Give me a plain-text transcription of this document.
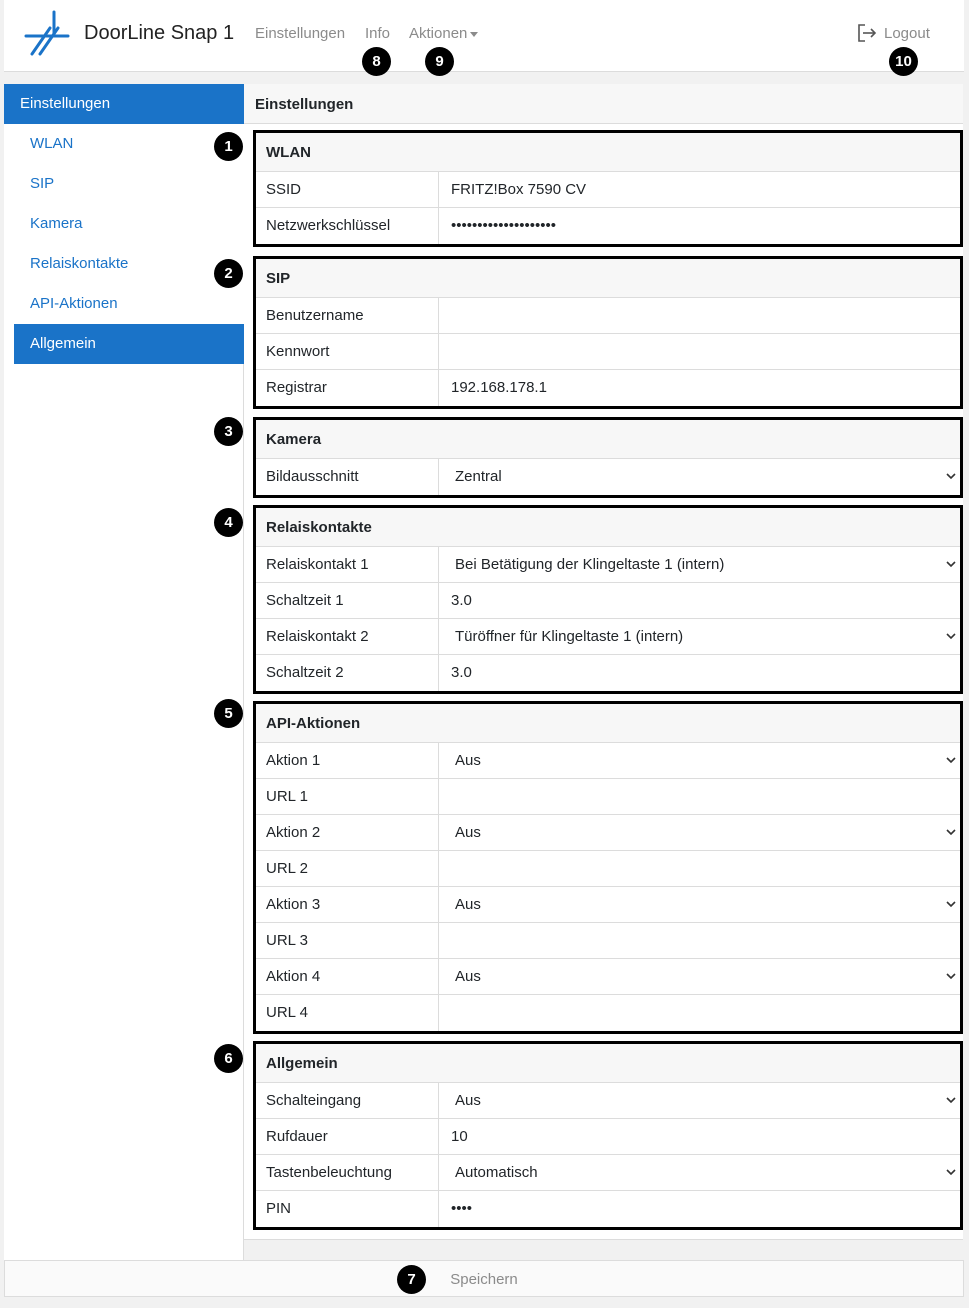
DoorLine Snap 1 Einstellungen Info Aktionen	Logout
Einstellungen
WLAN
SIP
Kamera
Relaiskontakte
API-Aktionen
Allgemein
Einstellungen
WLAN
SSID	FRITZ!Box 7590 CV
Netzwerkschlüssel	••••••••••••••••••••
SIP
Benutzername
Kennwort
Registrar	192.168.178.1
Kamera
Bildausschnitt	Zentral
Relaiskontakte
Relaiskontakt 1	Bei Betätigung der Klingeltaste 1 (intern)
Schaltzeit 1	3.0
Relaiskontakt 2	Türöffner für Klingeltaste 1 (intern)
Schaltzeit 2	3.0
API-Aktionen
Aktion 1	Aus
URL 1
Aktion 2	Aus
URL 2
Aktion 3	Aus
URL 3
Aktion 4	Aus
URL 4
Allgemein
Schalteingang	Aus
Rufdauer	10
Tastenbeleuchtung	Automatisch
PIN	••••
Speichern
1
2
3
4
5
6
7
8	9	10
